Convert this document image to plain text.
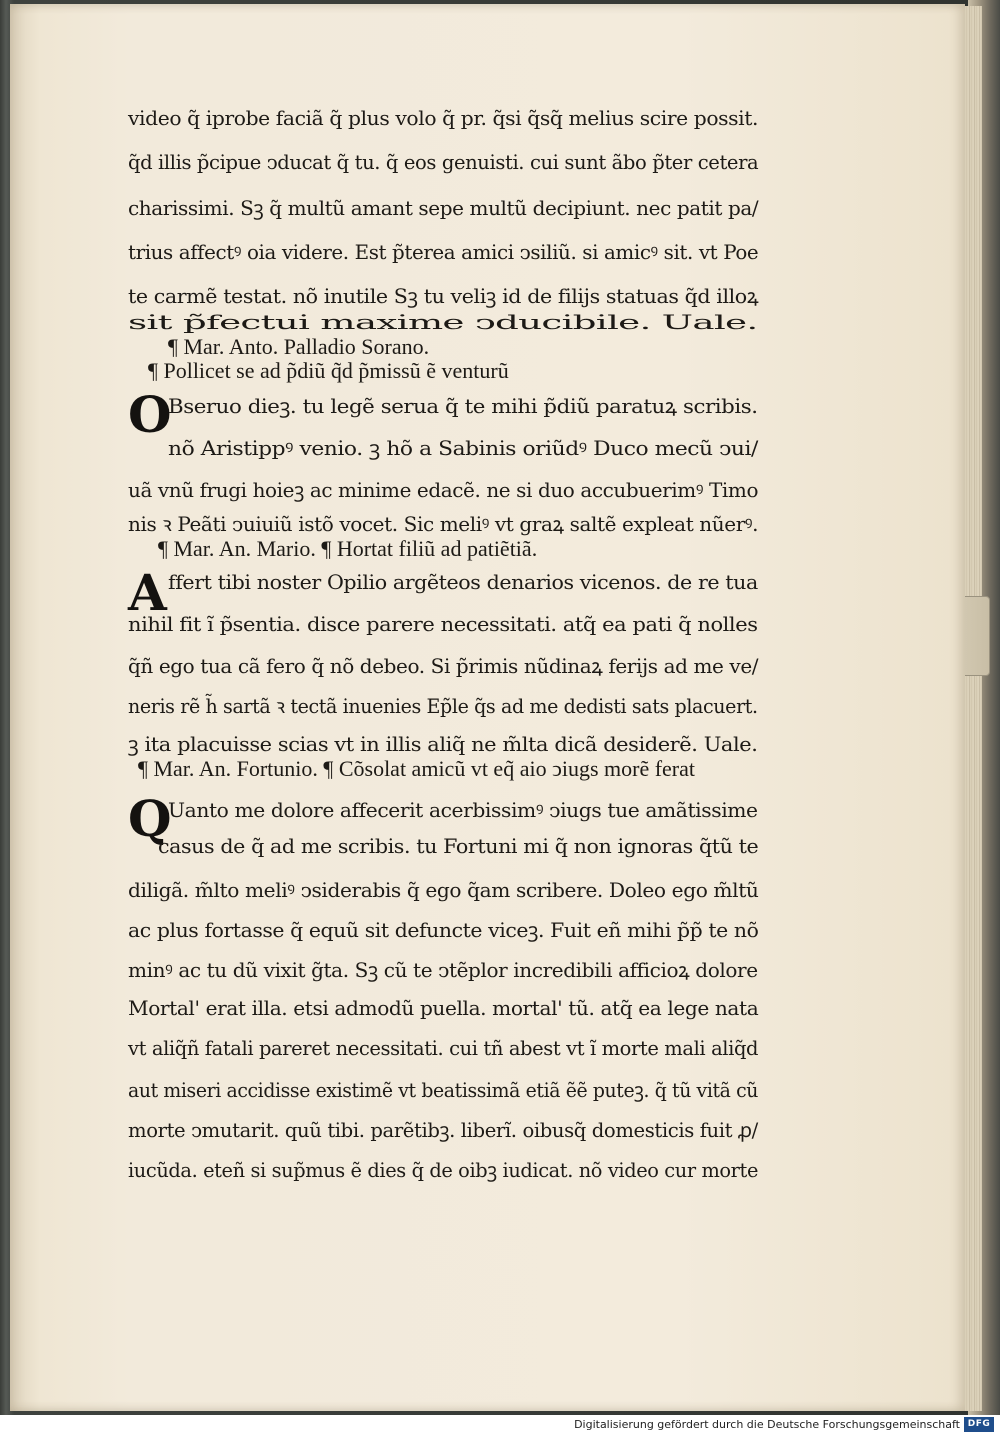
video q̃ iprobe faciã q̃ plus volo q̃ pr. q̃si q̃sq̃ melius scire possit.
q̃d illis p̃cipue ↄducat q̃ tu. q̃ eos genuisti. cui sunt ãbo p̃ter cetera
charissimi. Sꝫ q̃ multũ amant sepe multũ decipiunt. nec patit pa/
trius affectꝰ oia videre. Est p̃terea amici ↄsiliũ. si amicꝰ sit. vt Poe
te carmẽ testat. nõ inutile Sꝫ tu veliꝫ id de filijs statuas q̃d illoꝝ
sit p̃fectui maxime ↄducibile. Uale.
¶ Mar. Anto. Palladio Sorano.
¶ Pollicet se ad p̃diũ q̃d p̃missũ ẽ venturũ
O
Bseruo dieꝫ. tu legẽ serua q̃ te mihi p̃diũ paratuꝝ scribis.
nõ Aristippꝰ venio. ꝫ hõ a Sabinis oriũdꝰ Duco mecũ ↄui/
uã vnũ frugi hoieꝫ ac minime edacẽ. ne si duo accubuerimꝰ Timo
nis ꝛ Peãti ↄuiuiũ istõ vocet. Sic meliꝰ vt graꝝ saltẽ expleat nũerꝰ.
¶ Mar. An. Mario. ¶ Hortat filiũ ad patiẽtiã.
A ffert tibi noster Opilio argẽteos denarios vicenos. de re tua
nihil fit ĩ p̃sentia. disce parere necessitati. atq̃ ea pati q̃ nolles
q̃ñ ego tua cã fero q̃ nõ debeo. Si p̃rimis nũdinaꝝ ferijs ad me ve/
neris rẽ h̃ sartã ꝛ tectã inuenies Ep̃le q̃s ad me dedisti sats placuert.
ꝫ ita placuisse scias vt in illis aliq̃ ne m̃lta dicã desiderẽ. Uale.
¶ Mar. An. Fortunio. ¶ Cõsolat amicũ vt eq̃ aio ↄiugs morẽ ferat
Q
Uanto me dolore affecerit acerbissimꝰ ↄiugs tue amãtissime
casus de q̃ ad me scribis. tu Fortuni mi q̃ non ignoras q̃tũ te
diligã. m̃lto meliꝰ ↄsiderabis q̃ ego q̃am scribere. Doleo ego m̃ltũ
ac plus fortasse q̃ equũ sit defuncte viceꝫ. Fuit eñ mihi p̃p̃ te nõ
minꝰ ac tu dũ vixit g̃ta. Sꝫ cũ te ↄtẽplor incredibili afficioꝝ dolore
Mortal' erat illa. etsi admodũ puella. mortal' tũ. atq̃ ea lege nata
vt aliq̃ñ fatali pareret necessitati. cui tñ abest vt ĩ morte mali aliq̃d
aut miseri accidisse existimẽ vt beatissimã etiã ẽẽ puteꝫ. q̃ tũ vitã cũ
morte ↄmutarit. quũ tibi. parẽtibꝫ. liberĩ. oibusq̃ domesticis fuit ꝓ/
iucũda. eteñ si sup̃mus ẽ dies q̃ de oibꝫ iudicat. nõ video cur morte
Digitalisierung gefördert durch die Deutsche Forschungsgemeinschaft DFG
